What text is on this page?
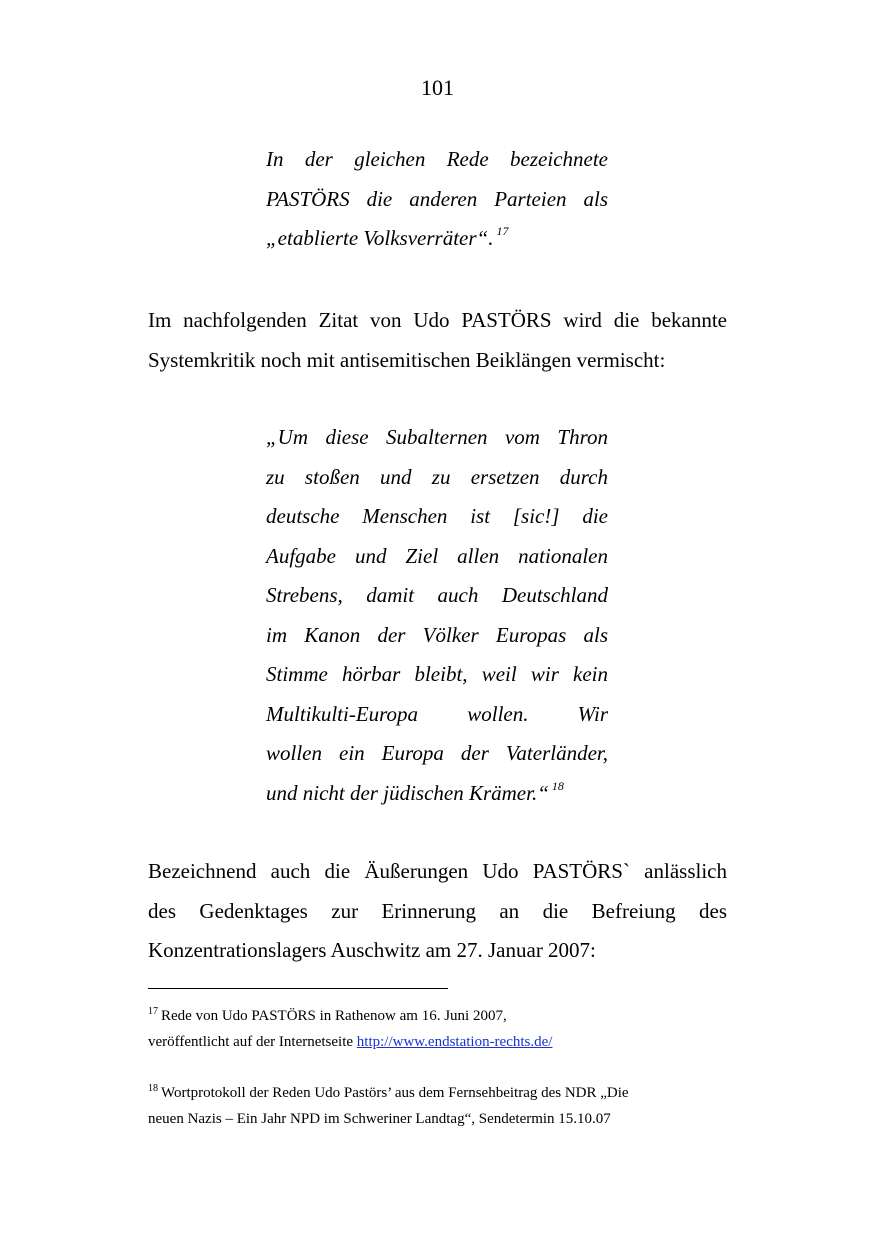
101
In der gleichen Rede bezeichnete
PASTÖRS die anderen Parteien als
„etablierte Volksverräter“. $^{17}$
Im nachfolgenden Zitat von Udo PASTÖRS wird die bekannte
Systemkritik noch mit antisemitischen Beiklängen vermischt:
„Um diese Subalternen vom Thron
zu stoßen und zu ersetzen durch
deutsche Menschen ist [sic!] die
Aufgabe und Ziel allen nationalen
Strebens, damit auch Deutschland
im Kanon der Völker Europas als
Stimme hörbar bleibt, weil wir kein
Multikulti-Europa wollen. Wir
wollen ein Europa der Vaterländer,
und nicht der jüdischen Krämer.“ $^{18}$
Bezeichnend auch die Äußerungen Udo PASTÖRS` anlässlich
des Gedenktages zur Erinnerung an die Befreiung des
Konzentrationslagers Auschwitz am 27. Januar 2007:
$^{17}$ Rede von Udo PASTÖRS in Rathenow am 16. Juni 2007,
veröffentlicht auf der Internetseite http://www.endstation-rechts.de/
$^{18}$ Wortprotokoll der Reden Udo Pastörs’ aus dem Fernsehbeitrag des NDR „Die
neuen Nazis – Ein Jahr NPD im Schweriner Landtag“, Sendetermin 15.10.07
